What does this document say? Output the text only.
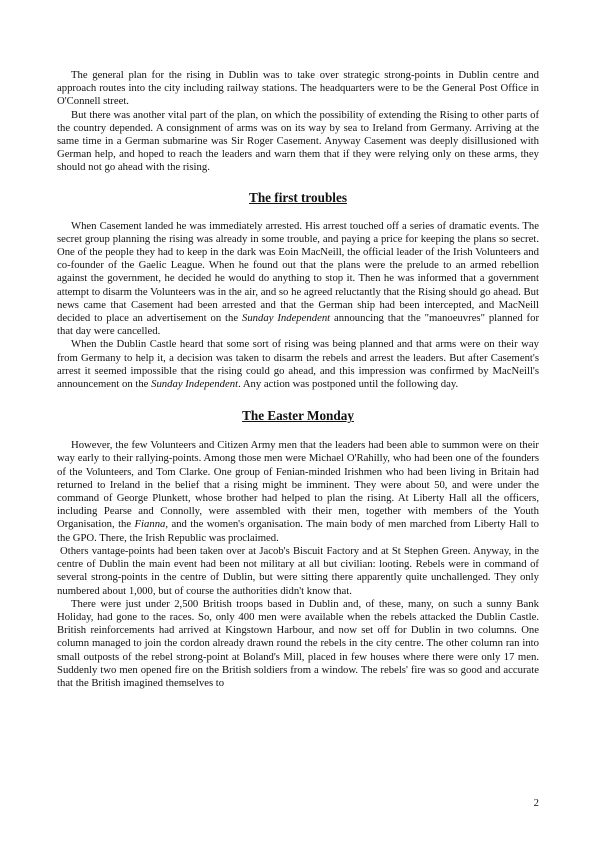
The general plan for the rising in Dublin was to take over strategic strong-points in Dublin centre and approach routes into the city including railway stations. The headquarters were to be the General Post Office in O'Connell street.

But there was another vital part of the plan, on which the possibility of extending the Rising to other parts of the country depended. A consignment of arms was on its way by sea to Ireland from Germany. Arriving at the same time in a German submarine was Sir Roger Casement. Anyway Casement was deeply disillusioned with German help, and hoped to reach the leaders and warn them that if they were relying only on these arms, they should not go ahead with the rising.

The first troubles

When Casement landed he was immediately arrested. His arrest touched off a series of dramatic events. The secret group planning the rising was already in some trouble, and paying a price for keeping the plans so secret. One of the people they had to keep in the dark was Eoin MacNeill, the official leader of the Irish Volunteers and co-founder of the Gaelic League. When he found out that the plans were the prelude to an armed rebellion against the government, he decided he would do anything to stop it. Then he was informed that a government attempt to disarm the Volunteers was in the air, and so he agreed reluctantly that the Rising should go ahead. But news came that Casement had been arrested and that the German ship had been intercepted, and MacNeill decided to place an advertisement on the Sunday Independent announcing that the "manoeuvres" planned for that day were cancelled.

When the Dublin Castle heard that some sort of rising was being planned and that arms were on their way from Germany to help it, a decision was taken to disarm the rebels and arrest the leaders. But after Casement's arrest it seemed impossible that the rising could go ahead, and this impression was confirmed by MacNeill's announcement on the Sunday Independent. Any action was postponed until the following day.

The Easter Monday

However, the few Volunteers and Citizen Army men that the leaders had been able to summon were on their way early to their rallying-points. Among those men were Michael O'Rahilly, who had been one of the founders of the Volunteers, and Tom Clarke. One group of Fenian-minded Irishmen who had been living in Britain had returned to Ireland in the belief that a rising might be imminent. They were about 50, and were under the command of George Plunkett, whose brother had helped to plan the rising. At Liberty Hall all the officers, including Pearse and Connolly, were assembled with their men, together with members of the Youth Organisation, the Fianna, and the women's organisation. The main body of men marched from Liberty Hall to the GPO. There, the Irish Republic was proclaimed.

Others vantage-points had been taken over at Jacob's Biscuit Factory and at St Stephen Green. Anyway, in the centre of Dublin the main event had been not military at all but civilian: looting. Rebels were in command of several strong-points in the centre of Dublin, but were sitting there apparently quite unchallenged. They only numbered about 1,000, but of course the authorities didn't know that.

There were just under 2,500 British troops based in Dublin and, of these, many, on such a sunny Bank Holiday, had gone to the races. So, only 400 men were available when the rebels attacked the Dublin Castle. British reinforcements had arrived at Kingstown Harbour, and now set off for Dublin in two columns. One column managed to join the cordon already drawn round the rebels in the city centre. The other column ran into small outposts of the rebel strong-point at Boland's Mill, placed in few houses where there were only 17 men. Suddenly two men opened fire on the British soldiers from a window. The rebels' fire was so good and accurate that the British imagined themselves to

2
